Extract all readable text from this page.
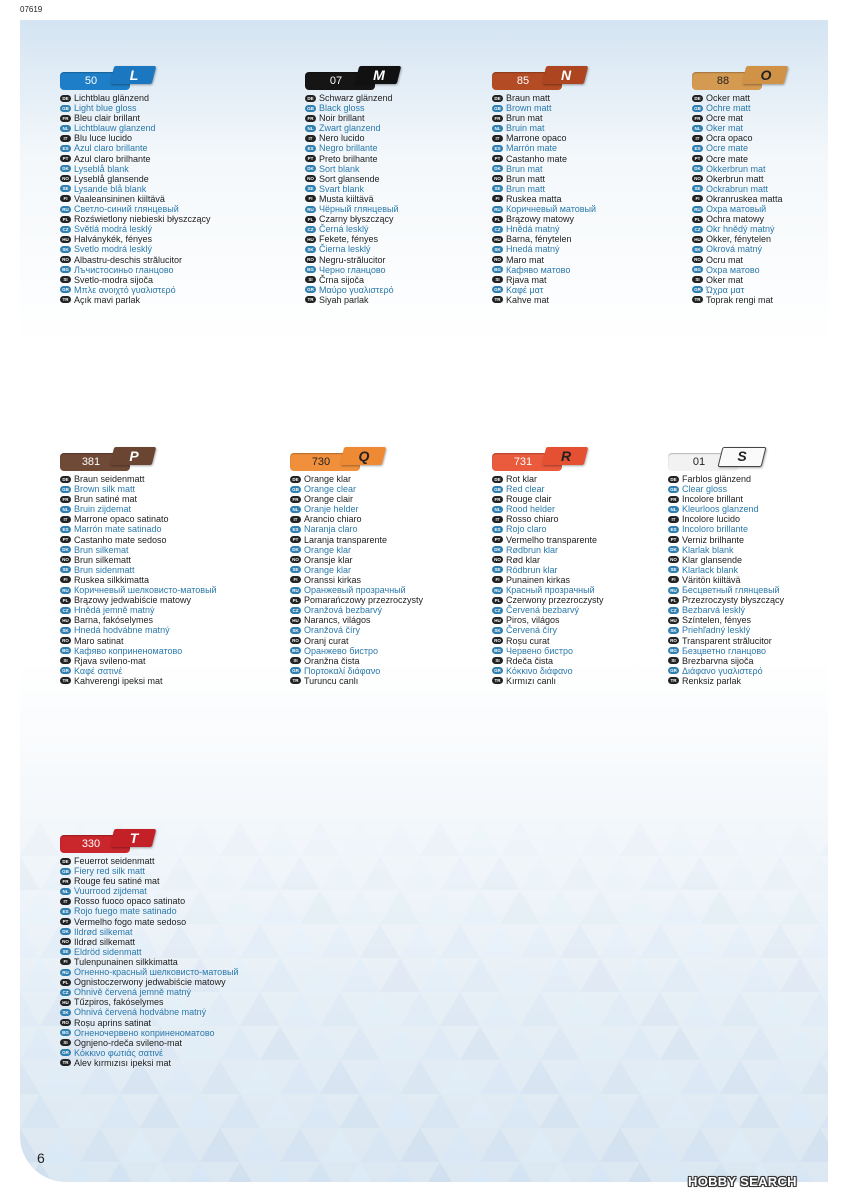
07619
50	L
DE Lichtblau glänzend
GB Light blue gloss
FR Bleu clair brillant
NL Lichtblauw glanzend
IT Blu luce lucido
ES Azul claro brillante
PT Azul claro brilhante
DK Lyseblå blank
NO Lyseblå glansende
SE Lysande blå blank
FI Vaaleansininen kiiltävä
RU Светло-синий глянцевый
PL Rozświetlony niebieski błyszczący
CZ Světlá modrá lesklý
HU Halványkék, fényes
SK Svetlo modrá lesklý
RO Albastru-deschis strălucitor
BG Лъчистосиньо гланцово
SI Svetlo-modra sijoča
GR Μπλε ανοιχτό γυαλιστερό
TR Açık mavi parlak
07	M
DE Schwarz glänzend
GB Black gloss
FR Noir brillant
NL Zwart glanzend
IT Nero lucido
ES Negro brillante
PT Preto brilhante
DK Sort blank
NO Sort glansende
SE Svart blank
FI Musta kiiltävä
RU Чёрный глянцевый
PL Czarny błyszczący
CZ Černá lesklý
HU Fekete, fényes
SK Čierna lesklý
RO Negru-strălucitor
BG Черно гланцово
SI Črna sijoča
GR Μαύρο γυαλιστερό
TR Siyah parlak
85	N
DE Braun matt
GB Brown matt
FR Brun mat
NL Bruin mat
IT Marrone opaco
ES Marrón mate
PT Castanho mate
DK Brun mat
NO Brun matt
SE Brun matt
FI Ruskea matta
RU Коричневый матовый
PL Brązowy matowy
CZ Hnědá matný
HU Barna, fénytelen
SK Hnedá matný
RO Maro mat
BG Кафяво матово
SI Rjava mat
GR Καφέ ματ
TR Kahve mat
88	O
DE Ocker matt
GB Ochre matt
FR Ocre mat
NL Oker mat
IT Ocra opaco
ES Ocre mate
PT Ocre mate
DK Okkerbrun mat
NO Okerbrun matt
SE Ockrabrun matt
FI Okranruskea matta
RU Охра матовый
PL Ochra matowy
CZ Okr hnědý matný
HU Okker, fénytelen
SK Okrová matný
RO Ocru mat
BG Охра матово
SI Oker mat
GR Ώχρα ματ
TR Toprak rengi mat
381	P
DE Braun seidenmatt
GB Brown silk matt
FR Brun satiné mat
NL Bruin zijdemat
IT Marrone opaco satinato
ES Marrón mate satinado
PT Castanho mate sedoso
DK Brun silkemat
NO Brun silkematt
SE Brun sidenmatt
FI Ruskea silkkimatta
RU Коричневый шелковисто-матовый
PL Brązowy jedwabiście matowy
CZ Hnědá jemně matný
HU Barna, fakóselymes
SK Hnedá hodvábne matný
RO Maro satinat
BG Кафяво коприненоматово
SI Rjava svileno-mat
GR Καφέ σατινέ
TR Kahverengi ipeksi mat
730	Q
DE Orange klar
GB Orange clear
FR Orange clair
NL Oranje helder
IT Arancio chiaro
ES Naranja claro
PT Laranja transparente
DK Orange klar
NO Oransje klar
SE Orange klar
FI Oranssi kirkas
RU Оранжевый прозрачный
PL Pomarańczowy przezroczysty
CZ Oranžová bezbarvý
HU Narancs, világos
SK Oranžová číry
RO Oranj curat
BG Оранжево бистро
SI Oranžna čista
GR Πορτοκαλί διάφανο
TR Turuncu canlı
731	R
DE Rot klar
GB Red clear
FR Rouge clair
NL Rood helder
IT Rosso chiaro
ES Rojo claro
PT Vermelho transparente
DK Rødbrun klar
NO Rød klar
SE Rödbrun klar
FI Punainen kirkas
RU Красный прозрачный
PL Czerwony przezroczysty
CZ Červená bezbarvý
HU Piros, világos
SK Červená číry
RO Roșu curat
BG Червено бистро
SI Rdeča čista
GR Κόκκινο διάφανο
TR Kırmızı canlı
01	S
DE Farblos glänzend
GB Clear gloss
FR Incolore brillant
NL Kleurloos glanzend
IT Incolore lucido
ES Incoloro brillante
PT Verniz brilhante
DK Klarlak blank
NO Klar glansende
SE Klarlack blank
FI Väritön kiiltävä
RU Бесцветный глянцевый
PL Przezroczysty błyszczący
CZ Bezbarvá lesklý
HU Színtelen, fényes
SK Priehľadný lesklý
RO Transparent strălucitor
BG Безцветно гланцово
SI Brezbarvna sijoča
GR Διάφανο γυαλιστερό
TR Renksiz parlak
330	T
DE Feuerrot seidenmatt
GB Fiery red silk matt
FR Rouge feu satiné mat
NL Vuurrood zijdemat
IT Rosso fuoco opaco satinato
ES Rojo fuego mate satinado
PT Vermelho fogo mate sedoso
DK Ildrød silkemat
NO Ildrød silkematt
SE Eldröd sidenmatt
FI Tulenpunainen silkkimatta
RU Огненно-красный шелковисто-матовый
PL Ognistoczerwony jedwabiście matowy
CZ Ohnivě červená jemně matný
HU Tűzpiros, fakóselymes
SK Ohnivá červená hodvábne matný
RO Roșu aprins satinat
BG Огненочервено коприненоматово
SI Ognjeno-rdeča svileno-mat
GR Κόκκινο φωτιάς σατινέ
TR Alev kırmızısı ipeksi mat
6
HOBBY SEARCH
